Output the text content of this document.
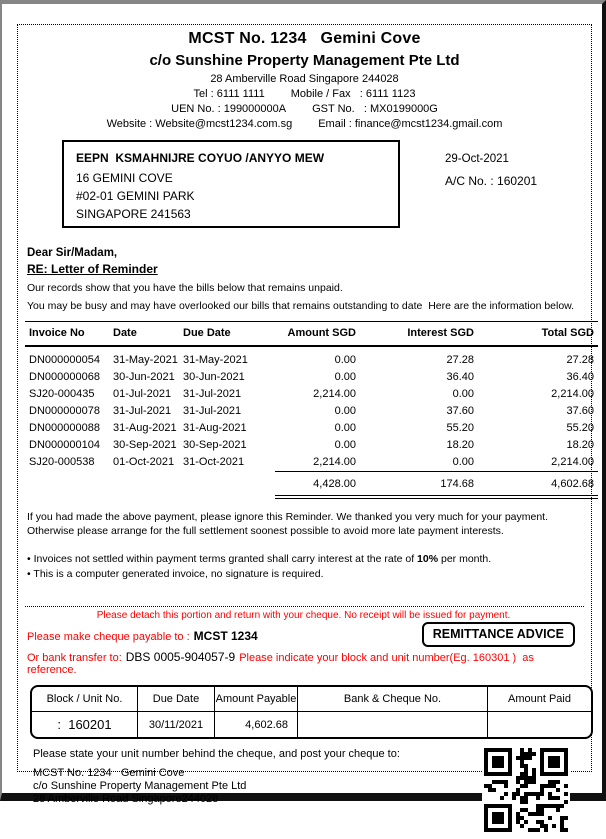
MCST No. 1234   Gemini Cove
c/o Sunshine Property Management Pte Ltd
28 Amberville Road Singapore 244028
Tel : 6111 1111 Mobile / Fax   : 6111 1123
UEN No. : 199000000A GST No.   : MX0199000G
Website : Website@mcst1234.com.sg Email : finance@mcst1234.gmail.com
EEPN  KSMAHNIJRE COYUO /ANYYO MEW
16 GEMINI COVE
#02-01 GEMINI PARK
SINGAPORE 241563
29-Oct-2021
A/C No. : 160201
Dear Sir/Madam,
RE: Letter of Reminder
Our records show that you have the bills below that remains unpaid.
You may be busy and may have overlooked our bills that remains outstanding to date  Here are the information below.
Invoice No	Date	Due Date	Amount SGD	Interest SGD	Total SGD
DN000000054	31-May-2021	31-May-2021	0.00	27.28	27.28
DN000000068	30-Jun-2021	30-Jun-2021	0.00	36.40	36.40
SJ20-000435	01-Jul-2021	31-Jul-2021	2,214.00	0.00	2,214.00
DN000000078	31-Jul-2021	31-Jul-2021	0.00	37.60	37.60
DN000000088	31-Aug-2021	31-Aug-2021	0.00	55.20	55.20
DN000000104	30-Sep-2021	30-Sep-2021	0.00	18.20	18.20
SJ20-000538	01-Oct-2021	31-Oct-2021	2,214.00	0.00	2,214.00
			4,428.00	174.68	4,602.68
If you had made the above payment, please ignore this Reminder. We thanked you very much for your payment.
Otherwise please arrange for the full settlement soonest possible to avoid more late payment interests.
• Invoices not settled within payment terms granted shall carry interest at the rate of 10% per month.
• This is a computer generated invoice, no signature is required.
Please detach this portion and return with your cheque. No receipt will be issued for payment.
REMITTANCE ADVICE
Please make cheque payable to : MCST 1234
Or bank transfer to: DBS 0005-904057-9 Please indicate your block and unit number(Eg. 160301 )  as reference.
Block / Unit No.	Due Date	Amount Payable	Bank & Cheque No.	Amount Paid
:  160201	30/11/2021	4,602.68
Please state your unit number behind the cheque, and post your cheque to:
MCST No. 1234   Gemini Cove
c/o Sunshine Property Management Pte Ltd
28 Amberville Road Singapore244028
